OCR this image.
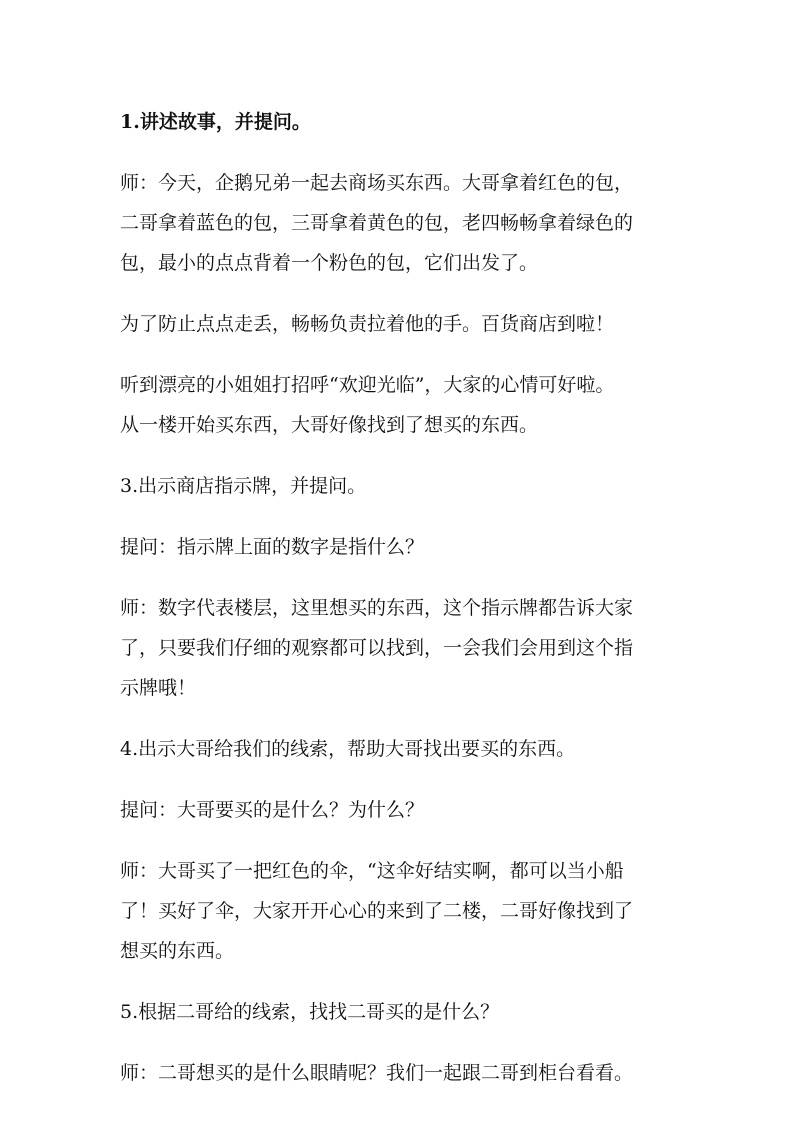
1.讲述故事，并提问。

师：今天，企鹅兄弟一起去商场买东西。大哥拿着红色的包，
二哥拿着蓝色的包，三哥拿着黄色的包，老四畅畅拿着绿色的
包，最小的点点背着一个粉色的包，它们出发了。

为了防止点点走丢，畅畅负责拉着他的手。百货商店到啦！

听到漂亮的小姐姐打招呼“欢迎光临”，大家的心情可好啦。
从一楼开始买东西，大哥好像找到了想买的东西。

3.出示商店指示牌，并提问。

提问：指示牌上面的数字是指什么？

师：数字代表楼层，这里想买的东西，这个指示牌都告诉大家
了，只要我们仔细的观察都可以找到，一会我们会用到这个指
示牌哦！

4.出示大哥给我们的线索，帮助大哥找出要买的东西。

提问：大哥要买的是什么？为什么？

师：大哥买了一把红色的伞，“这伞好结实啊，都可以当小船
了！买好了伞，大家开开心心的来到了二楼，二哥好像找到了
想买的东西。

5.根据二哥给的线索，找找二哥买的是什么？

师：二哥想买的是什么眼睛呢？我们一起跟二哥到柜台看看。
